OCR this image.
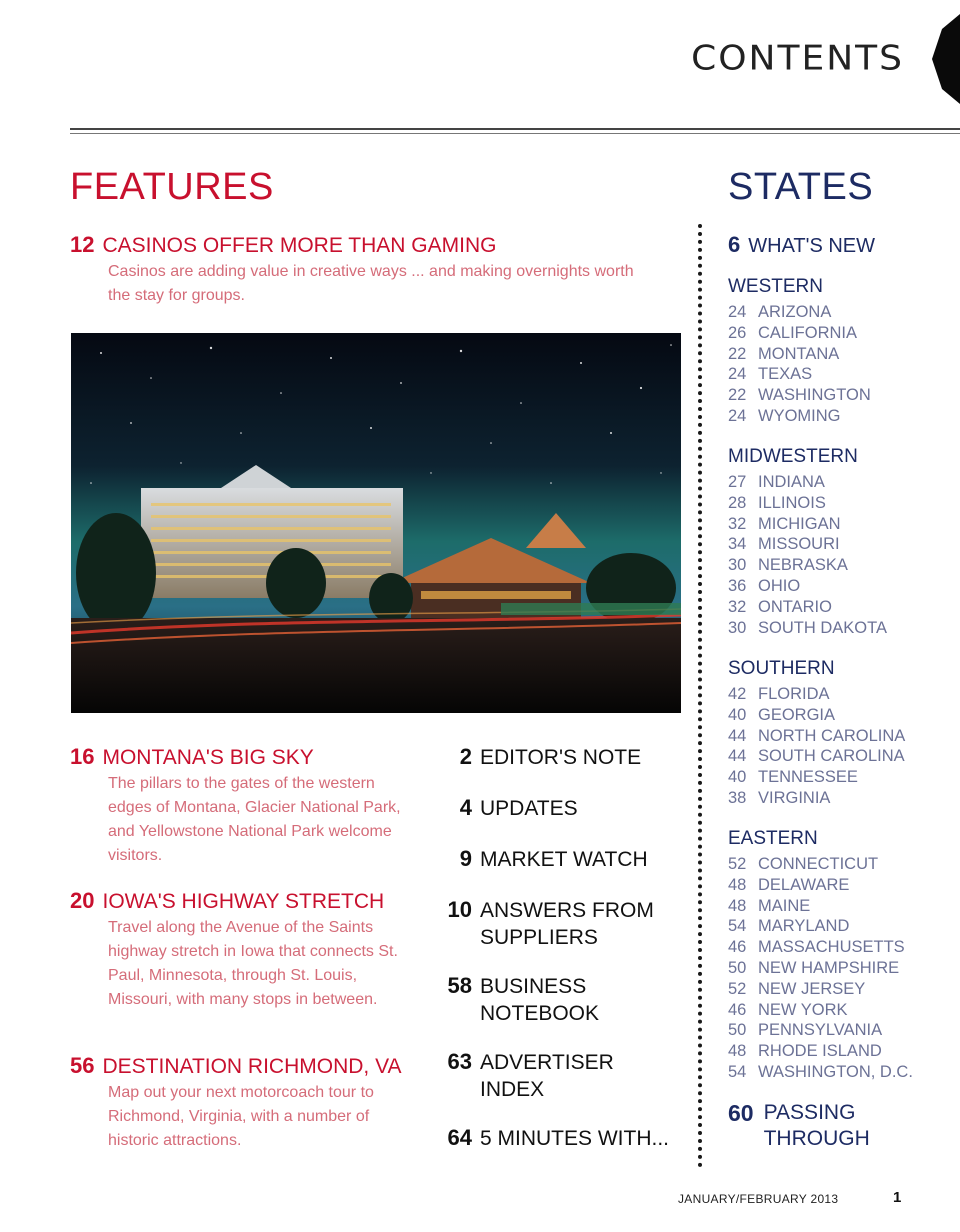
CONTENTS
FEATURES
12 CASINOS OFFER MORE THAN GAMING
Casinos are adding value in creative ways ... and making overnights worth the stay for groups.
16 MONTANA'S BIG SKY
The pillars to the gates of the western edges of Montana, Glacier National Park, and Yellowstone National Park welcome visitors.
20 IOWA'S HIGHWAY STRETCH
Travel along the Avenue of the Saints highway stretch in Iowa that connects St. Paul, Minnesota, through St. Louis, Missouri, with many stops in between.
56 DESTINATION RICHMOND, VA
Map out your next motorcoach tour to Richmond, Virginia, with a number of historic attractions.
2 EDITOR'S NOTE
4 UPDATES
9 MARKET WATCH
10 ANSWERS FROM
SUPPLIERS
58 BUSINESS
NOTEBOOK
63 ADVERTISER
INDEX
64 5 MINUTES WITH...
STATES
6 WHAT'S NEW
WESTERN
24 ARIZONA
26 CALIFORNIA
22 MONTANA
24 TEXAS
22 WASHINGTON
24 WYOMING
MIDWESTERN
27 INDIANA
28 ILLINOIS
32 MICHIGAN
34 MISSOURI
30 NEBRASKA
36 OHIO
32 ONTARIO
30 SOUTH DAKOTA
SOUTHERN
42 FLORIDA
40 GEORGIA
44 NORTH CAROLINA
44 SOUTH CAROLINA
40 TENNESSEE
38 VIRGINIA
EASTERN
52 CONNECTICUT
48 DELAWARE
48 MAINE
54 MARYLAND
46 MASSACHUSETTS
50 NEW HAMPSHIRE
52 NEW JERSEY
46 NEW YORK
50 PENNSYLVANIA
48 RHODE ISLAND
54 WASHINGTON, D.C.
60 PASSING
THROUGH
JANUARY/FEBRUARY 2013	1
